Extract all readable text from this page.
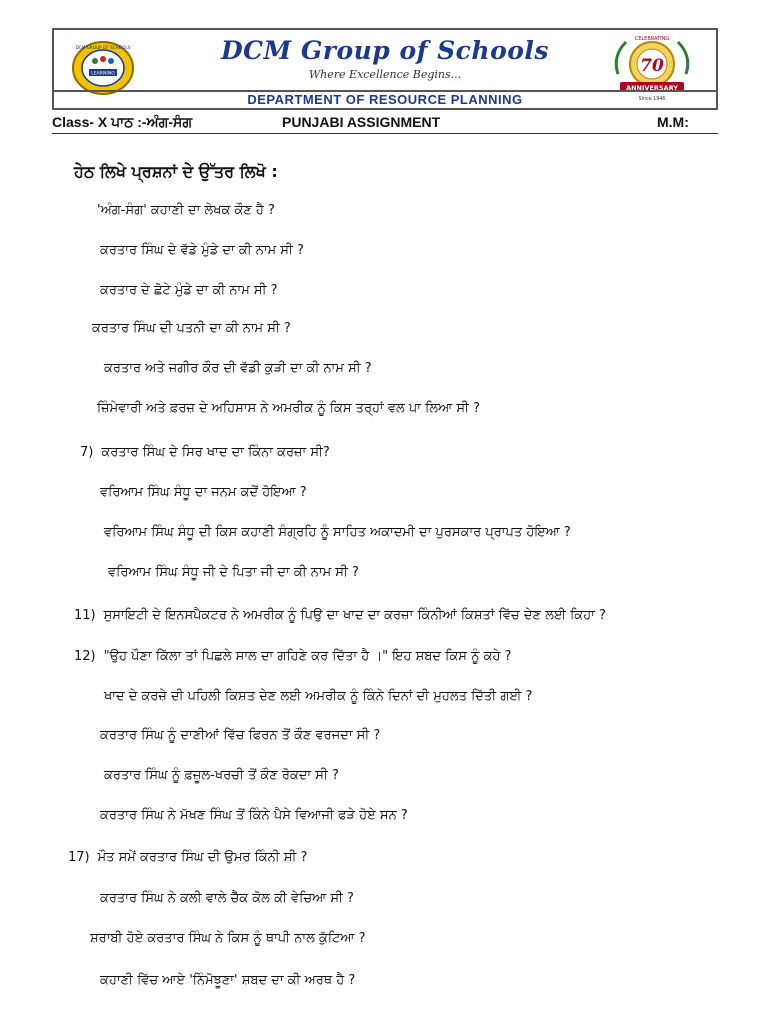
DCM GROUP OF SCHOOLS
LEARNING
DCM Group of Schools
Where Excellence Begins...
CELEBRATING
70
ANNIVERSARY
Since 1946
DEPARTMENT OF RESOURCE PLANNING
Class- X ਪਾਠ :-ਅੰਗ-ਸੰਗ	PUNJABI ASSIGNMENT	M.M:
ਹੇਠ ਲਿਖੇ ਪ੍ਰਸ਼ਨਾਂ ਦੇ ਉੱਤਰ ਲਿਖੋ :
'ਅੰਗ-ਸੰਗ' ਕਹਾਣੀ ਦਾ ਲੇਖਕ ਕੌਣ ਹੈ ?
ਕਰਤਾਰ ਸਿੰਘ ਦੇ ਵੱਡੇ ਮੁੰਡੇ ਦਾ ਕੀ ਨਾਮ ਸੀ ?
ਕਰਤਾਰ ਦੇ ਛੋਟੇ ਮੁੰਡੇ ਦਾ ਕੀ ਨਾਮ ਸੀ ?
ਕਰਤਾਰ ਸਿੰਘ ਦੀ ਪਤਨੀ ਦਾ ਕੀ ਨਾਮ ਸੀ ?
ਕਰਤਾਰ ਅਤੇ ਜਗੀਰ ਕੌਰ ਦੀ ਵੱਡੀ ਕੁੜੀ ਦਾ ਕੀ ਨਾਮ ਸੀ ?
ਜ਼ਿੰਮੇਵਾਰੀ ਅਤੇ ਫ਼ਰਜ਼ ਦੇ ਅਹਿਸਾਸ ਨੇ ਅਮਰੀਕ ਨੂੰ ਕਿਸ ਤਰ੍ਹਾਂ ਵਲ ਪਾ ਲਿਆ ਸੀ ?
7) ਕਰਤਾਰ ਸਿੰਘ ਦੇ ਸਿਰ ਖਾਦ ਦਾ ਕਿੰਨਾ ਕਰਜ਼ਾ ਸੀ?
ਵਰਿਆਮ ਸਿੰਘ ਸੰਧੂ ਦਾ ਜਨਮ ਕਦੋਂ ਹੋਇਆ ?
ਵਰਿਆਮ ਸਿੰਘ ਸੰਧੂ ਦੀ ਕਿਸ ਕਹਾਣੀ ਸੰਗ੍ਰਹਿ ਨੂੰ ਸਾਹਿਤ ਅਕਾਦਮੀ ਦਾ ਪੁਰਸਕਾਰ ਪ੍ਰਾਪਤ ਹੋਇਆ ?
ਵਰਿਆਮ ਸਿੰਘ ਸੰਧੂ ਜੀ ਦੇ ਪਿਤਾ ਜੀ ਦਾ ਕੀ ਨਾਮ ਸੀ ?
11) ਸੁਸਾਇਟੀ ਦੇ ਇਨਸਪੈਕਟਰ ਨੇ ਅਮਰੀਕ ਨੂੰ ਪਿਉ ਦਾ ਖਾਦ ਦਾ ਕਰਜ਼ਾ ਕਿੰਨੀਆਂ ਕਿਸ਼ਤਾਂ ਵਿੱਚ ਦੇਣ ਲਈ ਕਿਹਾ ?
12) "ਉਹ ਪੌਣਾ ਕਿੱਲਾ ਤਾਂ ਪਿਛਲੇ ਸਾਲ ਦਾ ਗਹਿਣੇ ਕਰ ਦਿੱਤਾ ਹੈ ।" ਇਹ ਸ਼ਬਦ ਕਿਸ ਨੂੰ ਕਹੇ ?
ਖਾਦ ਦੇ ਕਰਜ਼ੇ ਦੀ ਪਹਿਲੀ ਕਿਸ਼ਤ ਦੇਣ ਲਈ ਅਮਰੀਕ ਨੂੰ ਕਿੰਨੇ ਦਿਨਾਂ ਦੀ ਮੁਹਲਤ ਦਿੱਤੀ ਗਈ ?
ਕਰਤਾਰ ਸਿੰਘ ਨੂੰ ਦਾਣੀਆਂ ਵਿੱਚ ਫਿਰਨ ਤੋਂ ਕੌਣ ਵਰਜਦਾ ਸੀ ?
ਕਰਤਾਰ ਸਿੰਘ ਨੂੰ ਫ਼ਜ਼ੂਲ-ਖਰਚੀ ਤੋਂ ਕੌਣ ਰੋਕਦਾ ਸੀ ?
ਕਰਤਾਰ ਸਿੰਘ ਨੇ ਮੱਖਣ ਸਿੰਘ ਤੋਂ ਕਿੰਨੇ ਪੈਸੇ ਵਿਆਜੀ ਫੜੇ ਹੋਏ ਸਨ ?
17) ਮੌਤ ਸਮੇਂ ਕਰਤਾਰ ਸਿੰਘ ਦੀ ਉਮਰ ਕਿੰਨੀ ਸੀ ?
ਕਰਤਾਰ ਸਿੰਘ ਨੇ ਕਲੀ ਵਾਲੇ ਚੈੱਕ ਕੋਲ ਕੀ ਵੇਚਿਆ ਸੀ ?
ਸ਼ਰਾਬੀ ਹੋਏ ਕਰਤਾਰ ਸਿੰਘ ਨੇ ਕਿਸ ਨੂੰ ਥਾਪੀ ਨਾਲ ਕੁੱਟਿਆ ?
ਕਹਾਣੀ ਵਿੱਚ ਆਏ 'ਨਿੰਮੋਝੂਣਾ' ਸ਼ਬਦ ਦਾ ਕੀ ਅਰਥ ਹੈ ?
